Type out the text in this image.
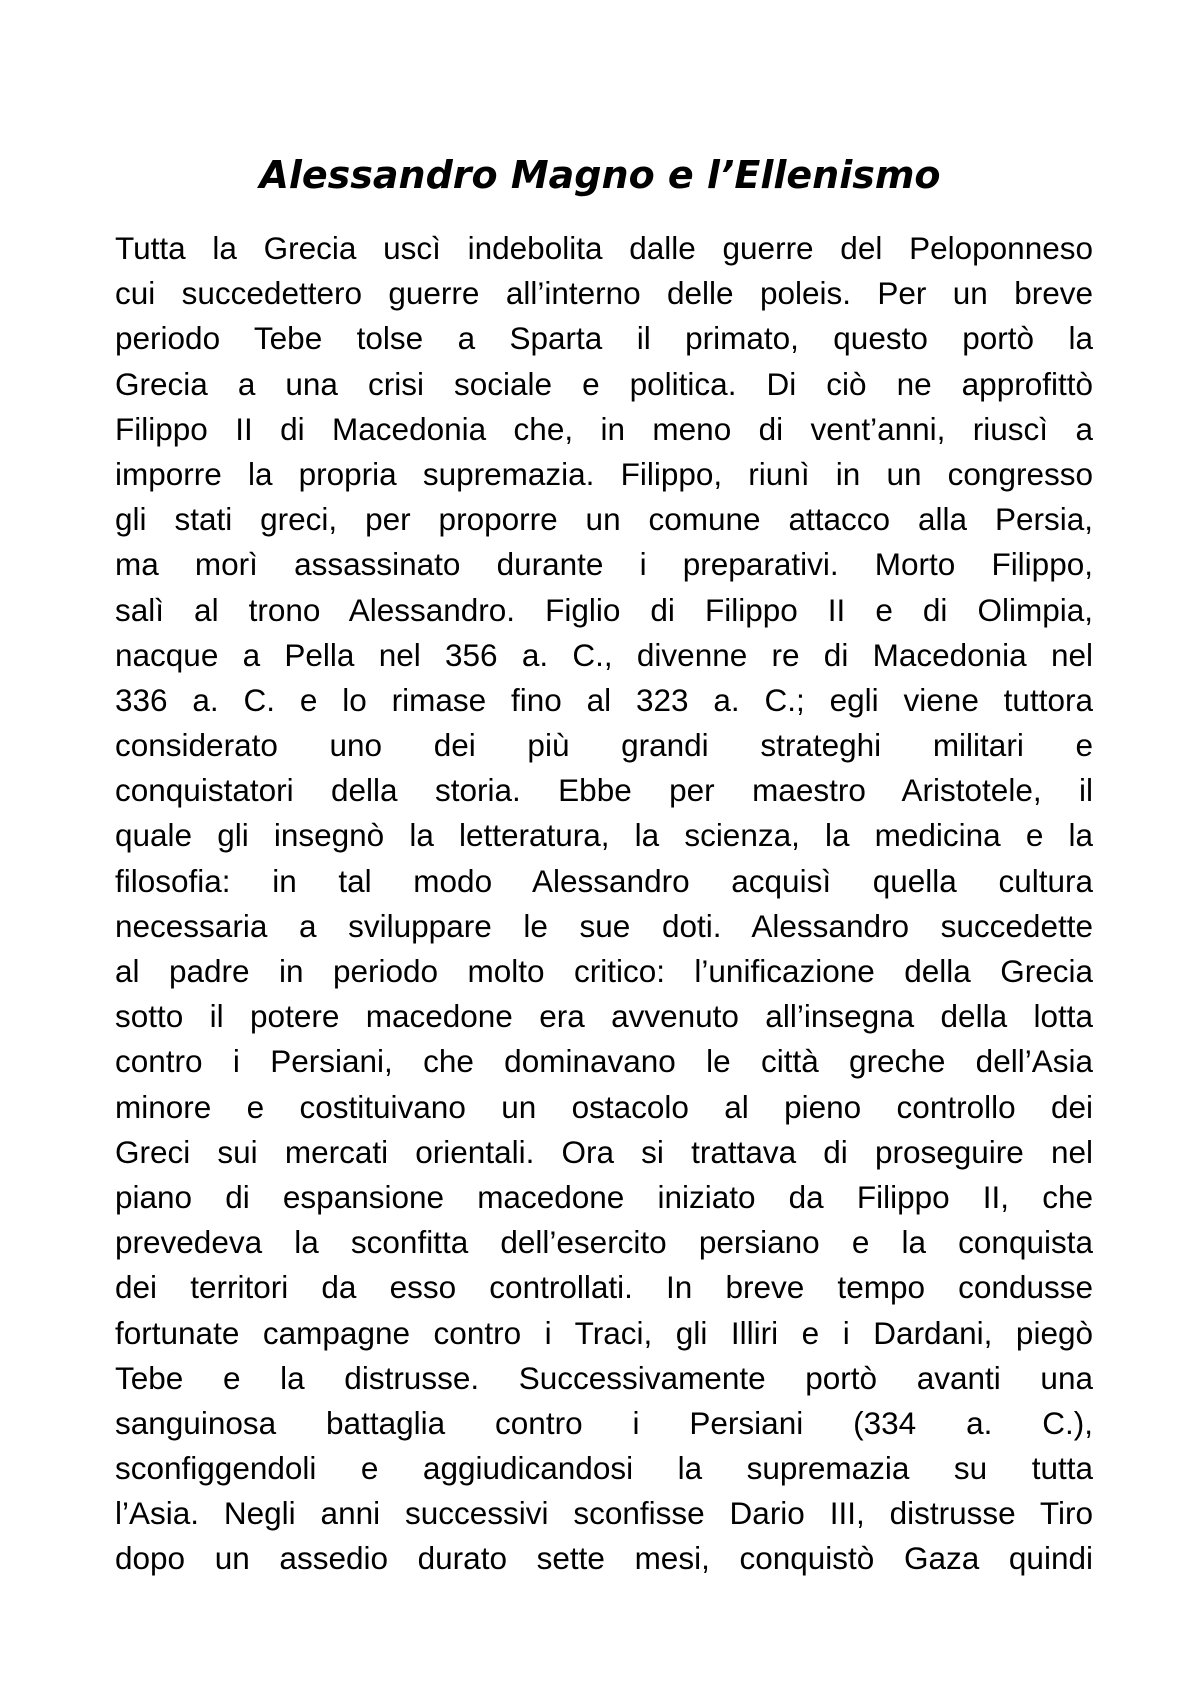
Alessandro Magno e l’Ellenismo
Tutta la Grecia uscì indebolita dalle guerre del Peloponneso
cui succedettero guerre all’interno delle poleis. Per un breve
periodo Tebe tolse a Sparta il primato, questo portò la
Grecia a una crisi sociale e politica. Di ciò ne approfittò
Filippo II di Macedonia che, in meno di vent’anni, riuscì a
imporre la propria supremazia. Filippo, riunì in un congresso
gli stati greci, per proporre un comune attacco alla Persia,
ma morì assassinato durante i preparativi. Morto Filippo,
salì al trono Alessandro. Figlio di Filippo II e di Olimpia,
nacque a Pella nel 356 a. C., divenne re di Macedonia nel
336 a. C. e lo rimase fino al 323 a. C.; egli viene tuttora
considerato uno dei più grandi strateghi militari e
conquistatori della storia. Ebbe per maestro Aristotele, il
quale gli insegnò la letteratura, la scienza, la medicina e la
filosofia: in tal modo Alessandro acquisì quella cultura
necessaria a sviluppare le sue doti. Alessandro succedette
al padre in periodo molto critico: l’unificazione della Grecia
sotto il potere macedone era avvenuto all’insegna della lotta
contro i Persiani, che dominavano le città greche dell’Asia
minore e costituivano un ostacolo al pieno controllo dei
Greci sui mercati orientali. Ora si trattava di proseguire nel
piano di espansione macedone iniziato da Filippo II, che
prevedeva la sconfitta dell’esercito persiano e la conquista
dei territori da esso controllati. In breve tempo condusse
fortunate campagne contro i Traci, gli Illiri e i Dardani, piegò
Tebe e la distrusse. Successivamente portò avanti una
sanguinosa battaglia contro i Persiani (334 a. C.),
sconfiggendoli e aggiudicandosi la supremazia su tutta
l’Asia. Negli anni successivi sconfisse Dario III, distrusse Tiro
dopo un assedio durato sette mesi, conquistò Gaza quindi
